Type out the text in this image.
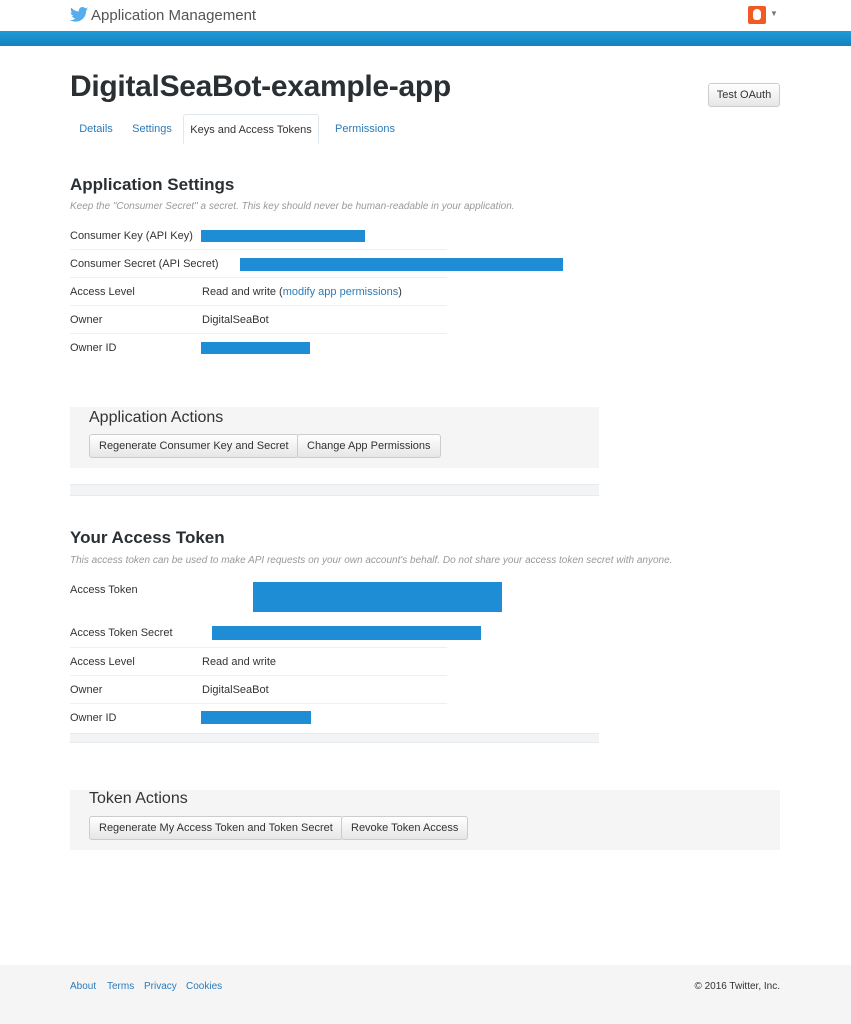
Application Management	▼
DigitalSeaBot-example-app	Test OAuth
Details	Settings	Keys and Access Tokens	Permissions
Application Settings
Keep the "Consumer Secret" a secret. This key should never be human-readable in your application.
Consumer Key (API Key)
Consumer Secret (API Secret)
Access Level	Read and write (modify app permissions)
Owner	DigitalSeaBot
Owner ID
Application Actions
Regenerate Consumer Key and Secret	Change App Permissions
Your Access Token
This access token can be used to make API requests on your own account's behalf. Do not share your access token secret with anyone.
Access Token
Access Token Secret
Access Level	Read and write
Owner	DigitalSeaBot
Owner ID
Token Actions
Regenerate My Access Token and Token Secret	Revoke Token Access
About Terms Privacy Cookies	© 2016 Twitter, Inc.
